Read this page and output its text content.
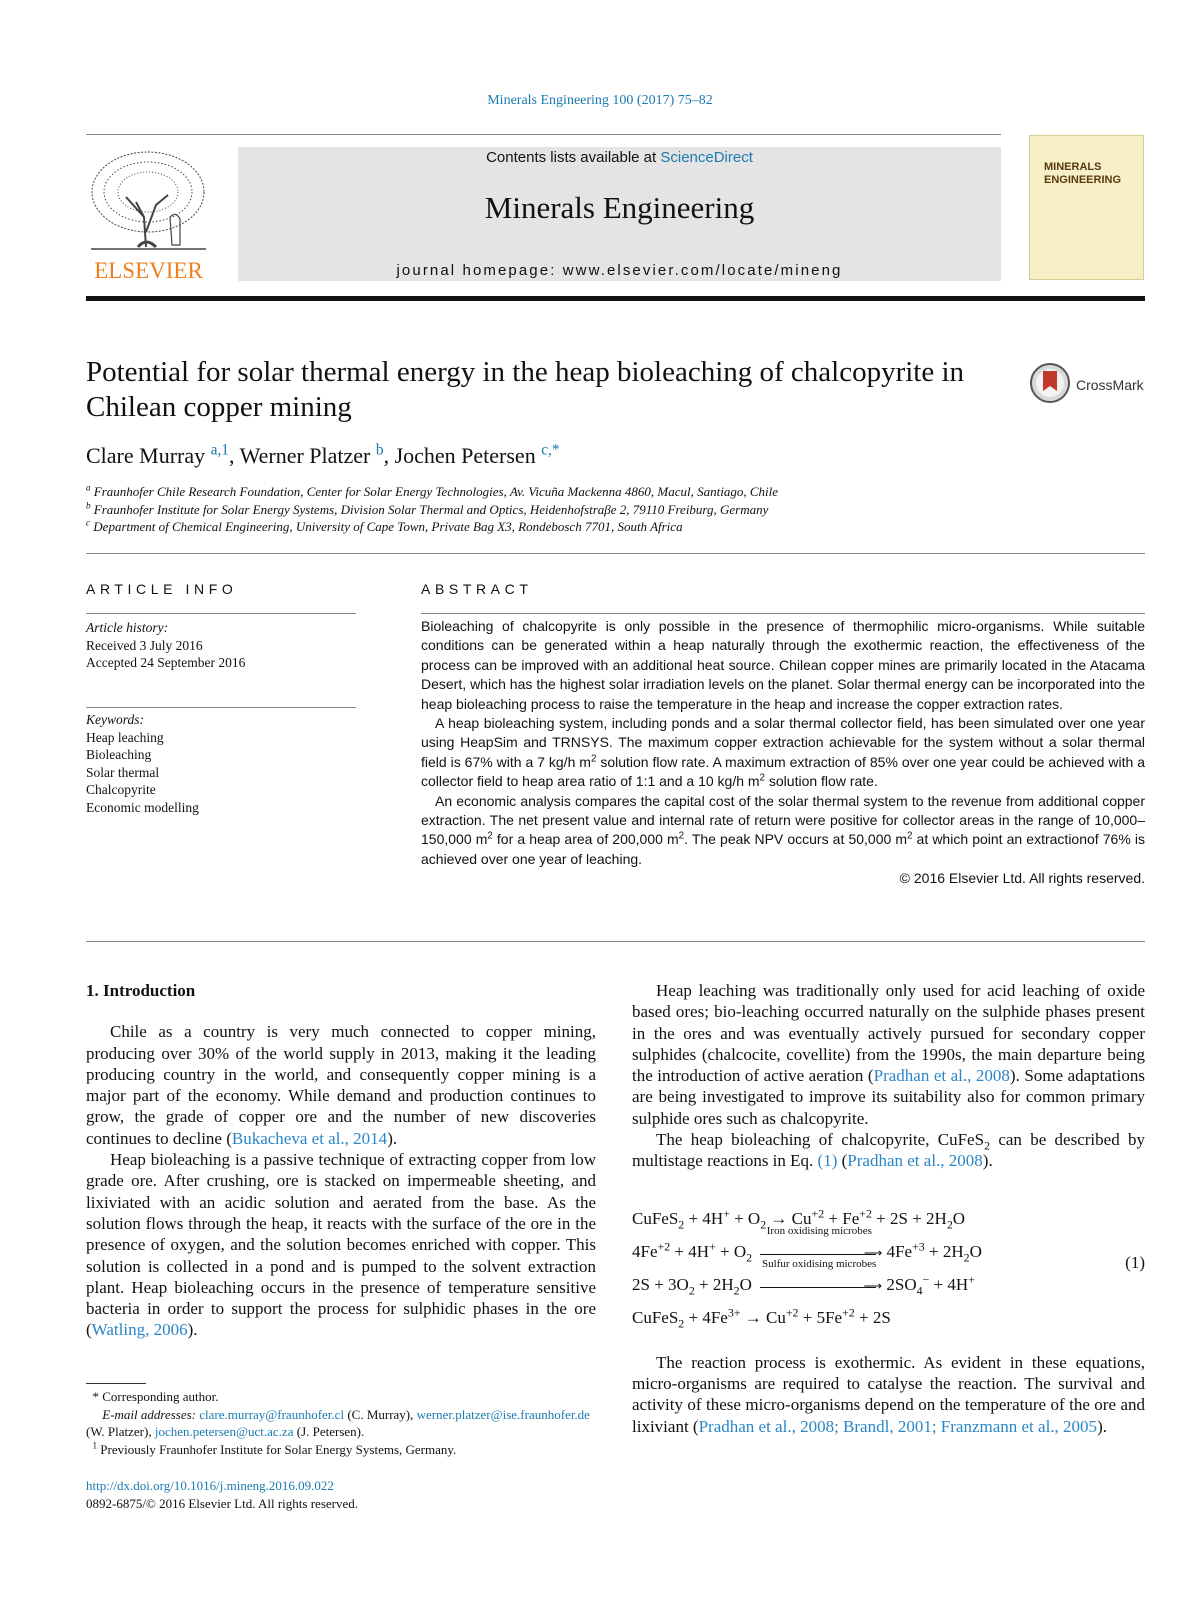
Minerals Engineering 100 (2017) 75–82
ELSEVIER
Contents lists available at ScienceDirect
Minerals Engineering
journal homepage: www.elsevier.com/locate/mineng
MINERALS ENGINEERING
Potential for solar thermal energy in the heap bioleaching of chalcopyrite in Chilean copper mining
CrossMark
Clare Murray $^{a,1}$, Werner Platzer $^b$, Jochen Petersen $^{c,*}$
$^a$ Fraunhofer Chile Research Foundation, Center for Solar Energy Technologies, Av. Vicuña Mackenna 4860, Macul, Santiago, Chile
$^b$ Fraunhofer Institute for Solar Energy Systems, Division Solar Thermal and Optics, Heidenhofstraβe 2, 79110 Freiburg, Germany
$^c$ Department of Chemical Engineering, University of Cape Town, Private Bag X3, Rondebosch 7701, South Africa
ARTICLE INFO	ABSTRACT
Article history:
Received 3 July 2016
Accepted 24 September 2016
Keywords:
Heap leaching
Bioleaching
Solar thermal
Chalcopyrite
Economic modelling

Bioleaching of chalcopyrite is only possible in the presence of thermophilic micro-organisms. While suitable conditions can be generated within a heap naturally through the exothermic reaction, the effectiveness of the process can be improved with an additional heat source. Chilean copper mines are primarily located in the Atacama Desert, which has the highest solar irradiation levels on the planet. Solar thermal energy can be incorporated into the heap bioleaching process to raise the temperature in the heap and increase the copper extraction rates.

A heap bioleaching system, including ponds and a solar thermal collector field, has been simulated over one year using HeapSim and TRNSYS. The maximum copper extraction achievable for the system without a solar thermal field is 67% with a 7 kg/h $m^2$ solution flow rate. A maximum extraction of 85% over one year could be achieved with a collector field to heap area ratio of 1:1 and a 10 kg/h $m^2$ solution flow rate.

An economic analysis compares the capital cost of the solar thermal system to the revenue from additional copper extraction. The net present value and internal rate of return were positive for collector areas in the range of 10,000–150,000 $m^2$ for a heap area of 200,000 $m^2$. The peak NPV occurs at 50,000 $m^2$ at which point an extractionof 76% is achieved over one year of leaching.

© 2016 Elsevier Ltd. All rights reserved.
1. Introduction

Chile as a country is very much connected to copper mining, producing over 30% of the world supply in 2013, making it the leading producing country in the world, and consequently copper mining is a major part of the economy. While demand and production continues to grow, the grade of copper ore and the number of new discoveries continues to decline (Bukacheva et al., 2014).

Heap bioleaching is a passive technique of extracting copper from low grade ore. After crushing, ore is stacked on impermeable sheeting, and lixiviated with an acidic solution and aerated from the base. As the solution flows through the heap, it reacts with the surface of the ore in the presence of oxygen, and the solution becomes enriched with copper. This solution is collected in a pond and is pumped to the solvent extraction plant. Heap bioleaching occurs in the presence of temperature sensitive bacteria in order to support the process for sulphidic phases in the ore (Watling, 2006).

Heap leaching was traditionally only used for acid leaching of oxide based ores; bio-leaching occurred naturally on the sulphide phases present in the ores and was eventually actively pursued for secondary copper sulphides (chalcocite, covellite) from the 1990s, the main departure being the introduction of active aeration (Pradhan et al., 2008). Some adaptations are being investigated to improve its suitability also for common primary sulphide ores such as chalcopyrite.

The heap bioleaching of chalcopyrite, CuFeS$_2$ can be described by multistage reactions in Eq. (1) (Pradhan et al., 2008).

CuFeS$_2$ + $4H^+ + O_2 \to Cu^{+2} + Fe^{+2} + 2S + 2H_2O$
$4Fe^{+2} + 4H^+ + O_2$
Iron oxidising microbes
⟶ $4Fe^{+3} + 2H_2O$
$2S + 3O_2 + 2H_2O$
Sulfur oxidising microbes
⟶ $2SO_4^- + 4H^+$
CuFeS$_2$ + $4Fe^{3+} \to Cu^{+2} + 5Fe^{+2} + 2S$
(1)

The reaction process is exothermic. As evident in these equations, micro-organisms are required to catalyse the reaction. The survival and activity of these micro-organisms depend on the temperature of the ore and lixiviant (Pradhan et al., 2008; Brandl, 2001; Franzmann et al., 2005).

* Corresponding author.
E-mail addresses: clare.murray@fraunhofer.cl (C. Murray), werner.platzer@ise.fraunhofer.de (W. Platzer), jochen.petersen@uct.ac.za (J. Petersen).
$^1$ Previously Fraunhofer Institute for Solar Energy Systems, Germany.
http://dx.doi.org/10.1016/j.mineng.2016.09.022
0892-6875/© 2016 Elsevier Ltd. All rights reserved.
